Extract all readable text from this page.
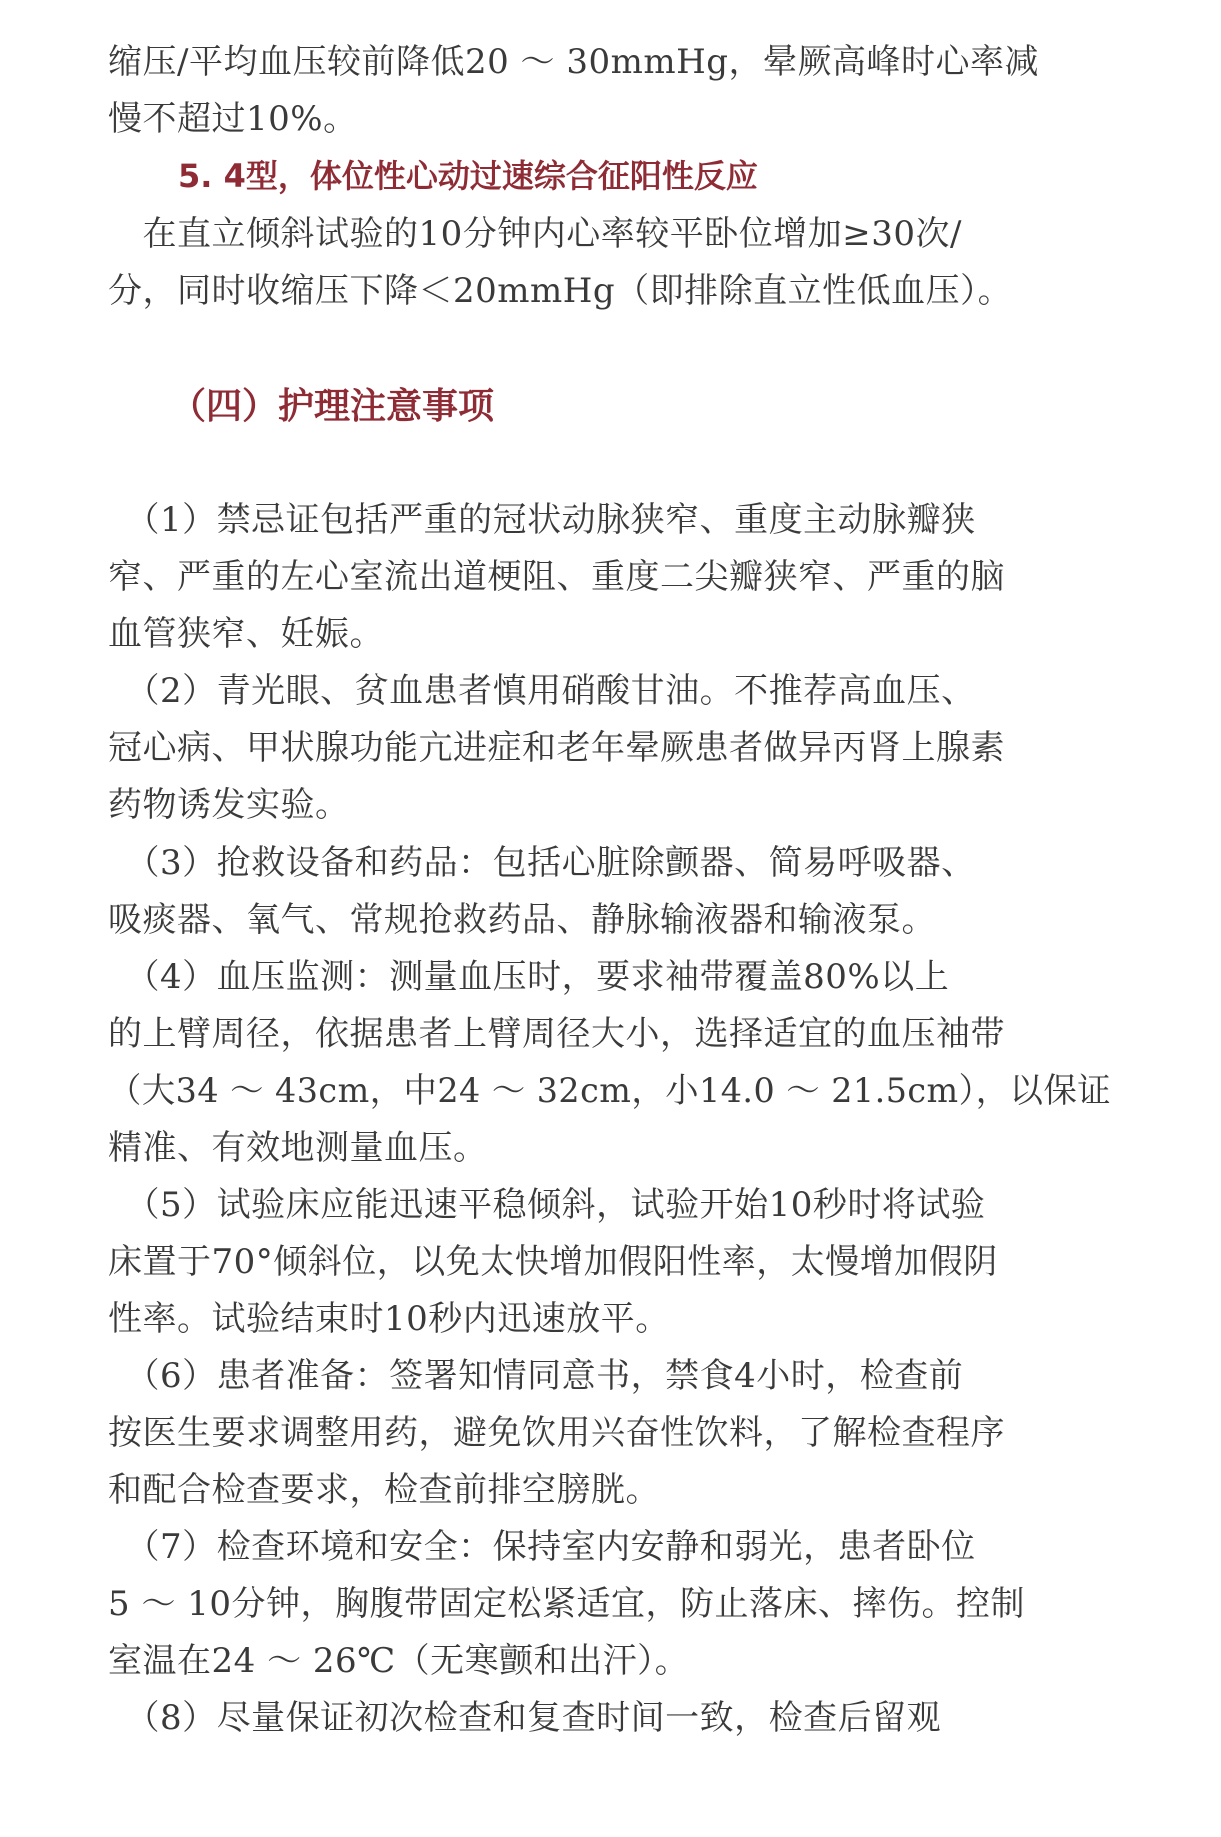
缩压/平均血压较前降低20 ～ 30mmHg，晕厥高峰时心率减
慢不超过10%。
5. 4型，体位性心动过速综合征阳性反应
　在直立倾斜试验的10分钟内心率较平卧位增加≥30次/
分，同时收缩压下降＜20mmHg（即排除直立性低血压）。
（四）护理注意事项
　（1）禁忌证包括严重的冠状动脉狭窄、重度主动脉瓣狭
窄、严重的左心室流出道梗阻、重度二尖瓣狭窄、严重的脑
血管狭窄、妊娠。
　（2）青光眼、贫血患者慎用硝酸甘油。不推荐高血压、
冠心病、甲状腺功能亢进症和老年晕厥患者做异丙肾上腺素
药物诱发实验。
　（3）抢救设备和药品：包括心脏除颤器、简易呼吸器、
吸痰器、氧气、常规抢救药品、静脉输液器和输液泵。
　（4）血压监测：测量血压时，要求袖带覆盖80%以上
的上臂周径，依据患者上臂周径大小，选择适宜的血压袖带
（大34 ～ 43cm，中24 ～ 32cm，小14.0 ～ 21.5cm），以保证
精准、有效地测量血压。
　（5）试验床应能迅速平稳倾斜，试验开始10秒时将试验
床置于70°倾斜位，以免太快增加假阳性率，太慢增加假阴
性率。试验结束时10秒内迅速放平。
　（6）患者准备：签署知情同意书，禁食4小时，检查前
按医生要求调整用药，避免饮用兴奋性饮料，了解检查程序
和配合检查要求，检查前排空膀胱。
　（7）检查环境和安全：保持室内安静和弱光，患者卧位
5 ～ 10分钟，胸腹带固定松紧适宜，防止落床、摔伤。控制
室温在24 ～ 26℃（无寒颤和出汗）。
　（8）尽量保证初次检查和复查时间一致，检查后留观
